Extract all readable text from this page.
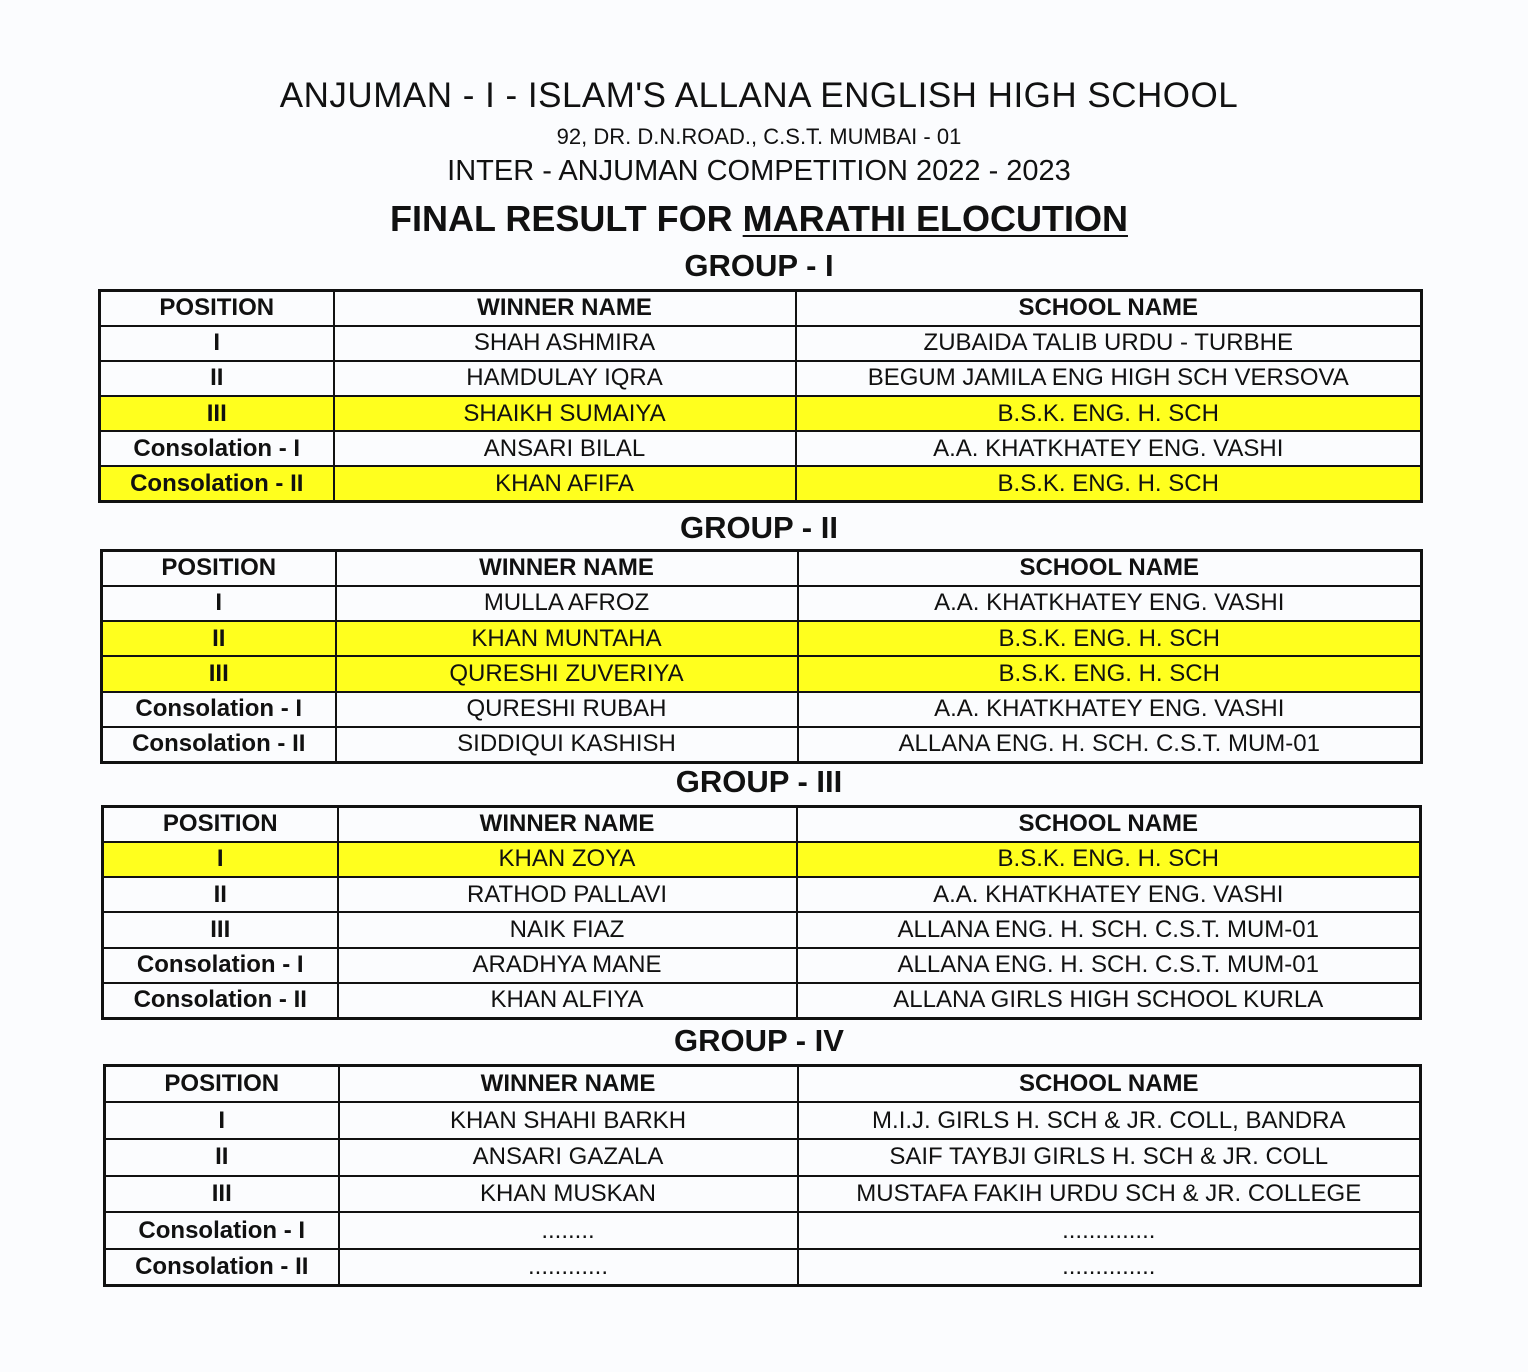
ANJUMAN - I - ISLAM'S ALLANA ENGLISH HIGH SCHOOL
92, DR. D.N.ROAD., C.S.T. MUMBAI - 01
INTER - ANJUMAN COMPETITION 2022 - 2023
FINAL RESULT FOR MARATHI ELOCUTION
GROUP - I
POSITION	WINNER NAME	SCHOOL NAME
I	SHAH ASHMIRA	ZUBAIDA TALIB URDU - TURBHE
II	HAMDULAY IQRA	BEGUM JAMILA ENG HIGH SCH VERSOVA
III	SHAIKH SUMAIYA	B.S.K. ENG. H. SCH
Consolation - I	ANSARI BILAL	A.A. KHATKHATEY ENG. VASHI
Consolation - II	KHAN AFIFA	B.S.K. ENG. H. SCH
GROUP - II
POSITION	WINNER NAME	SCHOOL NAME
I	MULLA AFROZ	A.A. KHATKHATEY ENG. VASHI
II	KHAN MUNTAHA	B.S.K. ENG. H. SCH
III	QURESHI ZUVERIYA	B.S.K. ENG. H. SCH
Consolation - I	QURESHI RUBAH	A.A. KHATKHATEY ENG. VASHI
Consolation - II	SIDDIQUI KASHISH	ALLANA ENG. H. SCH. C.S.T. MUM-01
GROUP - III
POSITION	WINNER NAME	SCHOOL NAME
I	KHAN ZOYA	B.S.K. ENG. H. SCH
II	RATHOD PALLAVI	A.A. KHATKHATEY ENG. VASHI
III	NAIK FIAZ	ALLANA ENG. H. SCH. C.S.T. MUM-01
Consolation - I	ARADHYA MANE	ALLANA ENG. H. SCH. C.S.T. MUM-01
Consolation - II	KHAN ALFIYA	ALLANA GIRLS HIGH SCHOOL KURLA
GROUP - IV
POSITION	WINNER NAME	SCHOOL NAME
I	KHAN SHAHI BARKH	M.I.J. GIRLS H. SCH & JR. COLL, BANDRA
II	ANSARI GAZALA	SAIF TAYBJI GIRLS H. SCH & JR. COLL
III	KHAN MUSKAN	MUSTAFA FAKIH URDU SCH & JR. COLLEGE
Consolation - I	........	..............
Consolation - II	............	..............
